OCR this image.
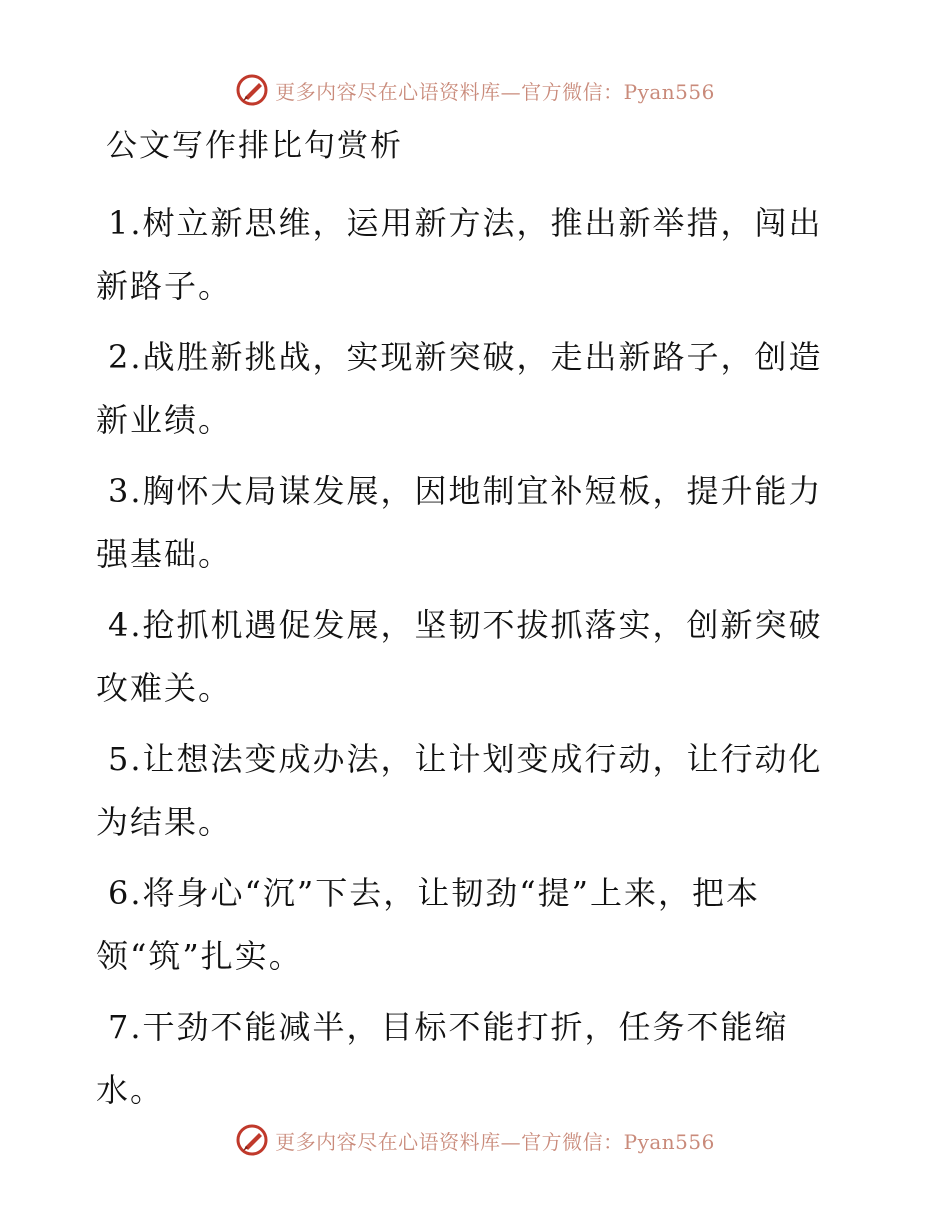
更多内容尽在心语资料库—官方微信：Pyan556
公文写作排比句赏析

1.树立新思维，运用新方法，推出新举措，闯出新路子。

2.战胜新挑战，实现新突破，走出新路子，创造新业绩。

3.胸怀大局谋发展，因地制宜补短板，提升能力强基础。

4.抢抓机遇促发展，坚韧不拔抓落实，创新突破攻难关。

5.让想法变成办法，让计划变成行动，让行动化为结果。

6.将身心“沉”下去，让韧劲“提”上来，把本领“筑”扎实。

7.干劲不能减半，目标不能打折，任务不能缩水。

更多内容尽在心语资料库—官方微信：Pyan556
